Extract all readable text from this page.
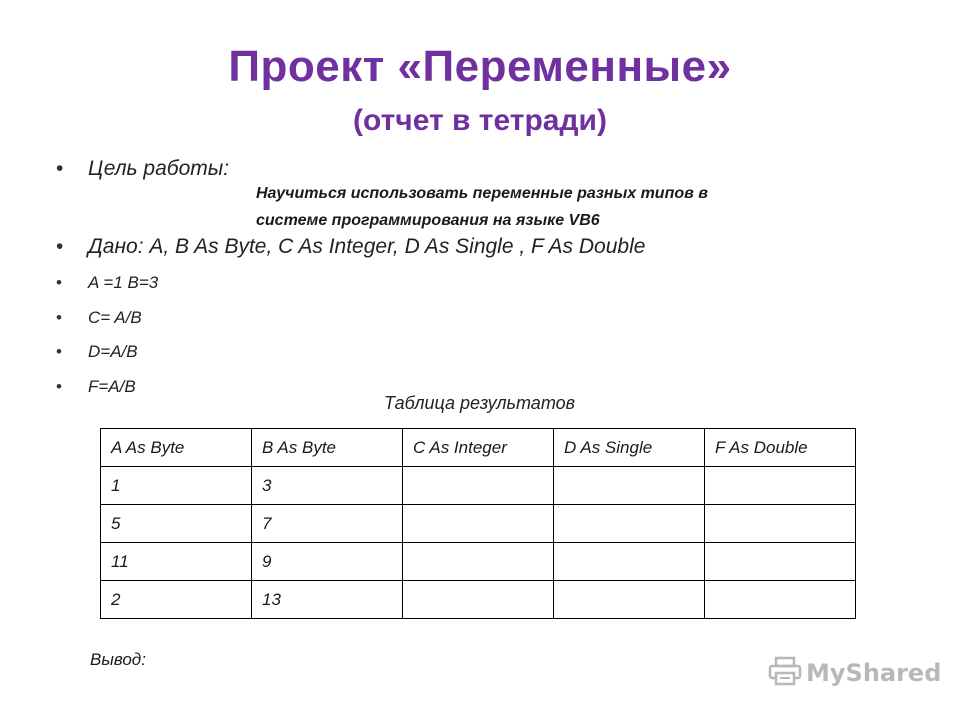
Проект «Переменные»
(отчет в тетради)
• Цель работы:
Научиться использовать переменные разных типов в
системе программирования на языке VB6
• Дано: A, B As Byte, C As Integer, D As Single , F As Double
• A =1 B=3
• C= A/B
• D=A/B
• F=A/B
Таблица результатов
A As Byte	B As Byte	C As Integer	D As Single	F As Double
1	3			
5	7			
11	9			
2	13			
Вывод:	MyShared
